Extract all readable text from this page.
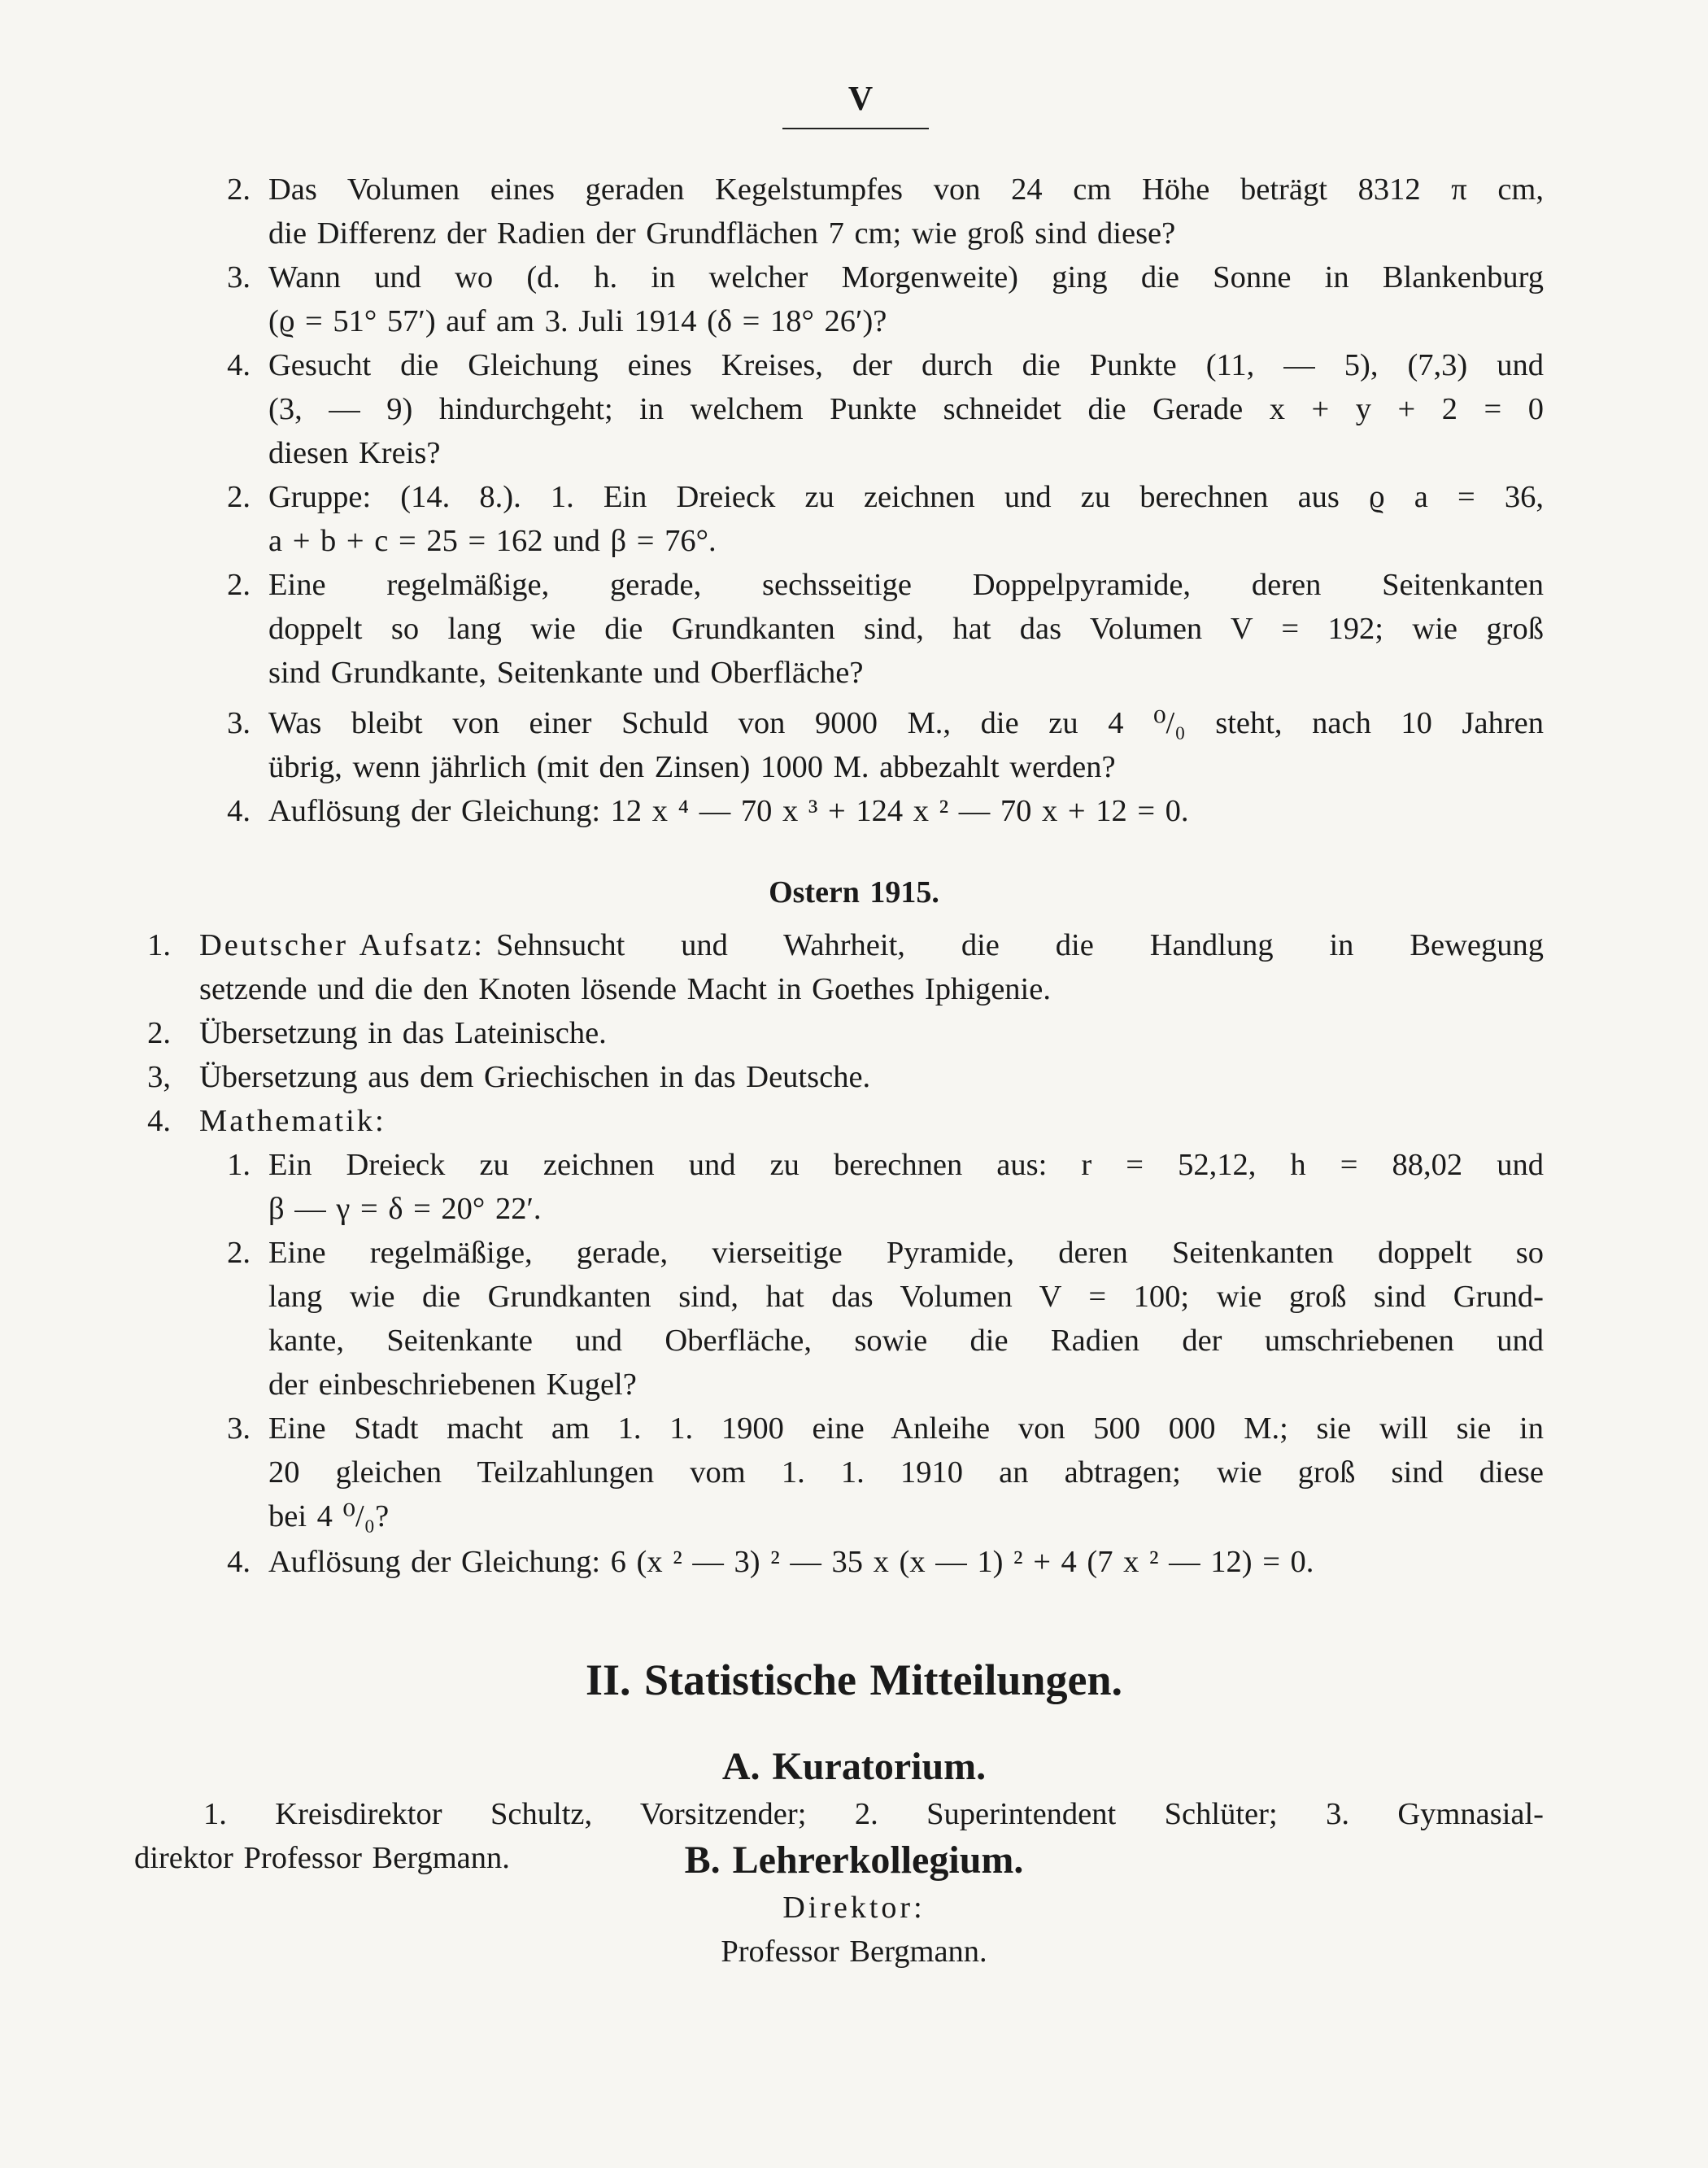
V
2. Das Volumen eines geraden Kegelstumpfes von 24 cm Höhe beträgt 8312 π cm,
die Differenz der Radien der Grundflächen 7 cm; wie groß sind diese?
3. Wann und wo (d. h. in welcher Morgenweite) ging die Sonne in Blankenburg
(ϱ = 51° 57′) auf am 3. Juli 1914 (δ = 18° 26′)?
4. Gesucht die Gleichung eines Kreises, der durch die Punkte (11, — 5), (7,3) und
(3, — 9) hindurchgeht; in welchem Punkte schneidet die Gerade x + y + 2 = 0
diesen Kreis?
2. Gruppe: (14. 8.). 1. Ein Dreieck zu zeichnen und zu berechnen aus ϱ a = 36,
a + b + c = 25 = 162 und β = 76°.
2. Eine regelmäßige, gerade, sechsseitige Doppelpyramide, deren Seitenkanten
doppelt so lang wie die Grundkanten sind, hat das Volumen V = 192; wie groß
sind Grundkante, Seitenkante und Oberfläche?
3. Was bleibt von einer Schuld von 9000 M., die zu 4 ⁰/₀ steht, nach 10 Jahren
übrig, wenn jährlich (mit den Zinsen) 1000 M. abbezahlt werden?
4. Auflösung der Gleichung: 12 x ⁴ — 70 x ³ + 124 x ² — 70 x + 12 = 0.
Ostern 1915.
1. Deutscher Aufsatz: Sehnsucht und Wahrheit, die die Handlung in Bewegung
setzende und die den Knoten lösende Macht in Goethes Iphigenie.
2. Übersetzung in das Lateinische.
3, Übersetzung aus dem Griechischen in das Deutsche.
4. Mathematik:
1. Ein Dreieck zu zeichnen und zu berechnen aus: r = 52,12, h = 88,02 und
β — γ = δ = 20° 22′.
2. Eine regelmäßige, gerade, vierseitige Pyramide, deren Seitenkanten doppelt so
lang wie die Grundkanten sind, hat das Volumen V = 100; wie groß sind Grund-
kante, Seitenkante und Oberfläche, sowie die Radien der umschriebenen und
der einbeschriebenen Kugel?
3. Eine Stadt macht am 1. 1. 1900 eine Anleihe von 500 000 M.; sie will sie in
20 gleichen Teilzahlungen vom 1. 1. 1910 an abtragen; wie groß sind diese
bei 4 ⁰/₀?
4. Auflösung der Gleichung: 6 (x ² — 3) ² — 35 x (x — 1) ² + 4 (7 x ² — 12) = 0.
II. Statistische Mitteilungen.
A. Kuratorium.
1. Kreisdirektor Schultz, Vorsitzender; 2. Superintendent Schlüter; 3. Gymnasial-
direktor Professor Bergmann.	B. Lehrerkollegium.
Direktor:
Professor Bergmann.
